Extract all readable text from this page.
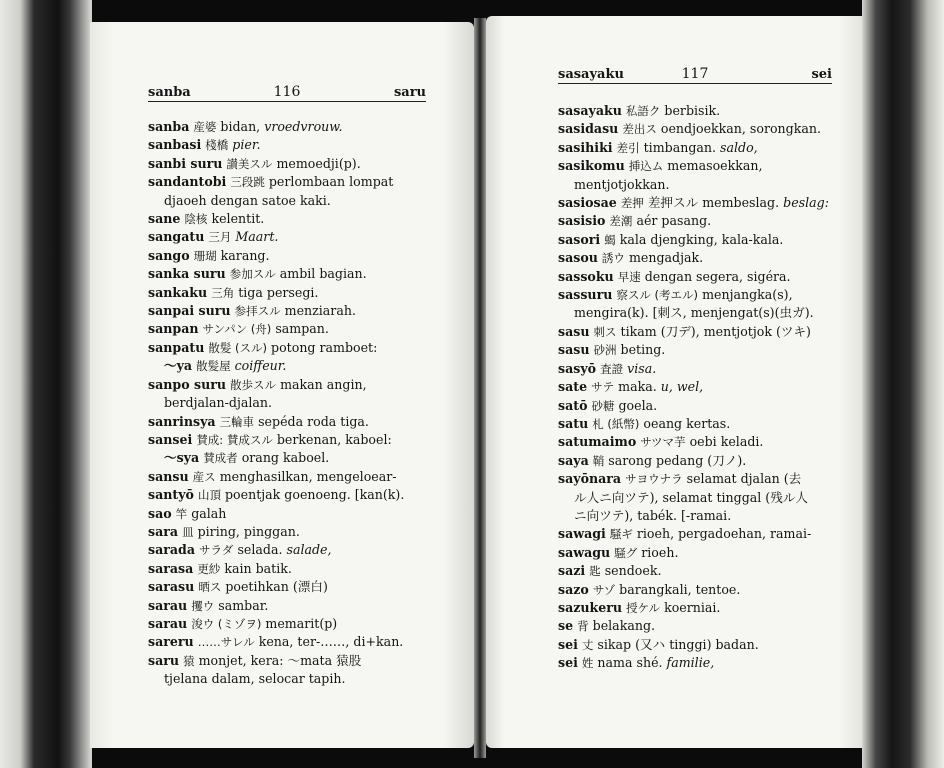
sanba	116	saru
sanba 産婆 bidan, vroedvrouw.
sanbasi 棧橋 pier.
sanbi suru 讃美スル memoedji(p).
sandantobi 三段跳 perlombaan lompat
djaoeh dengan satoe kaki.
sane 陰核 kelentit.
sangatu 三月 Maart.
sango 珊瑚 karang.
sanka suru 参加スル ambil bagian.
sankaku 三角 tiga persegi.
sanpai suru 参拝スル menziarah.
sanpan サンパン (舟) sampan.
sanpatu 散髪 (スル) potong ramboet:
～ya 散髪屋 coiffeur.
sanpo suru 散歩スル makan angin,
berdjalan-djalan.
sanrinsya 三輪車 sepéda roda tiga.
sansei 賛成: 賛成スル berkenan, kaboel:
～sya 賛成者 orang kaboel.
sansu 産ス menghasilkan, mengeloear-
santyō 山頂 poentjak goenoeng. [kan(k).
sao 竿 galah
sara 皿 piring, pinggan.
sarada サラダ selada. salade,
sarasa 更紗 kain batik.
sarasu 晒ス poetihkan (漂白)
sarau 攫ウ sambar.
sarau 浚ウ (ミゾヲ) memarit(p)
sareru ……サレル kena, ter-……, di+kan.
saru 猿 monjet, kera: ～mata 猿股
tjelana dalam, selocar tapih.
sasayaku	117	sei
sasayaku 私語ク berbisik.
sasidasu 差出ス oendjoekkan, sorongkan.
sasihiki 差引 timbangan. saldo,
sasikomu 挿込ム memasoekkan,
mentjotjokkan.
sasiosae 差押 差押スル membeslag. beslag:
sasisio 差潮 aér pasang.
sasori 蝎 kala djengking, kala-kala.
sasou 誘ウ mengadjak.
sassoku 早速 dengan segera, sigéra.
sassuru 察スル (考エル) menjangka(s),
mengira(k). [刺ス, menjengat(s)(虫ガ).
sasu 刺ス tikam (刀デ), mentjotjok (ツキ)
sasu 砂洲 beting.
sasyō 査證 visa.
sate サテ maka. u, wel,
satō 砂糖 goela.
satu 札 (紙幣) oeang kertas.
satumaimo サツマ芋 oebi keladi.
saya 鞘 sarong pedang (刀ノ).
sayōnara サヨウナラ selamat djalan (去
ル人ニ向ツテ), selamat tinggal (残ル人
ニ向ツテ), tabék. [-ramai.
sawagi 騒ギ rioeh, pergadoehan, ramai-
sawagu 騒グ rioeh.
sazi 匙 sendoek.
sazo サゾ barangkali, tentoe.
sazukeru 授ケル koerniai.
se 背 belakang.
sei 丈 sikap (又ハ tinggi) badan.
sei 姓 nama shé. familie,
